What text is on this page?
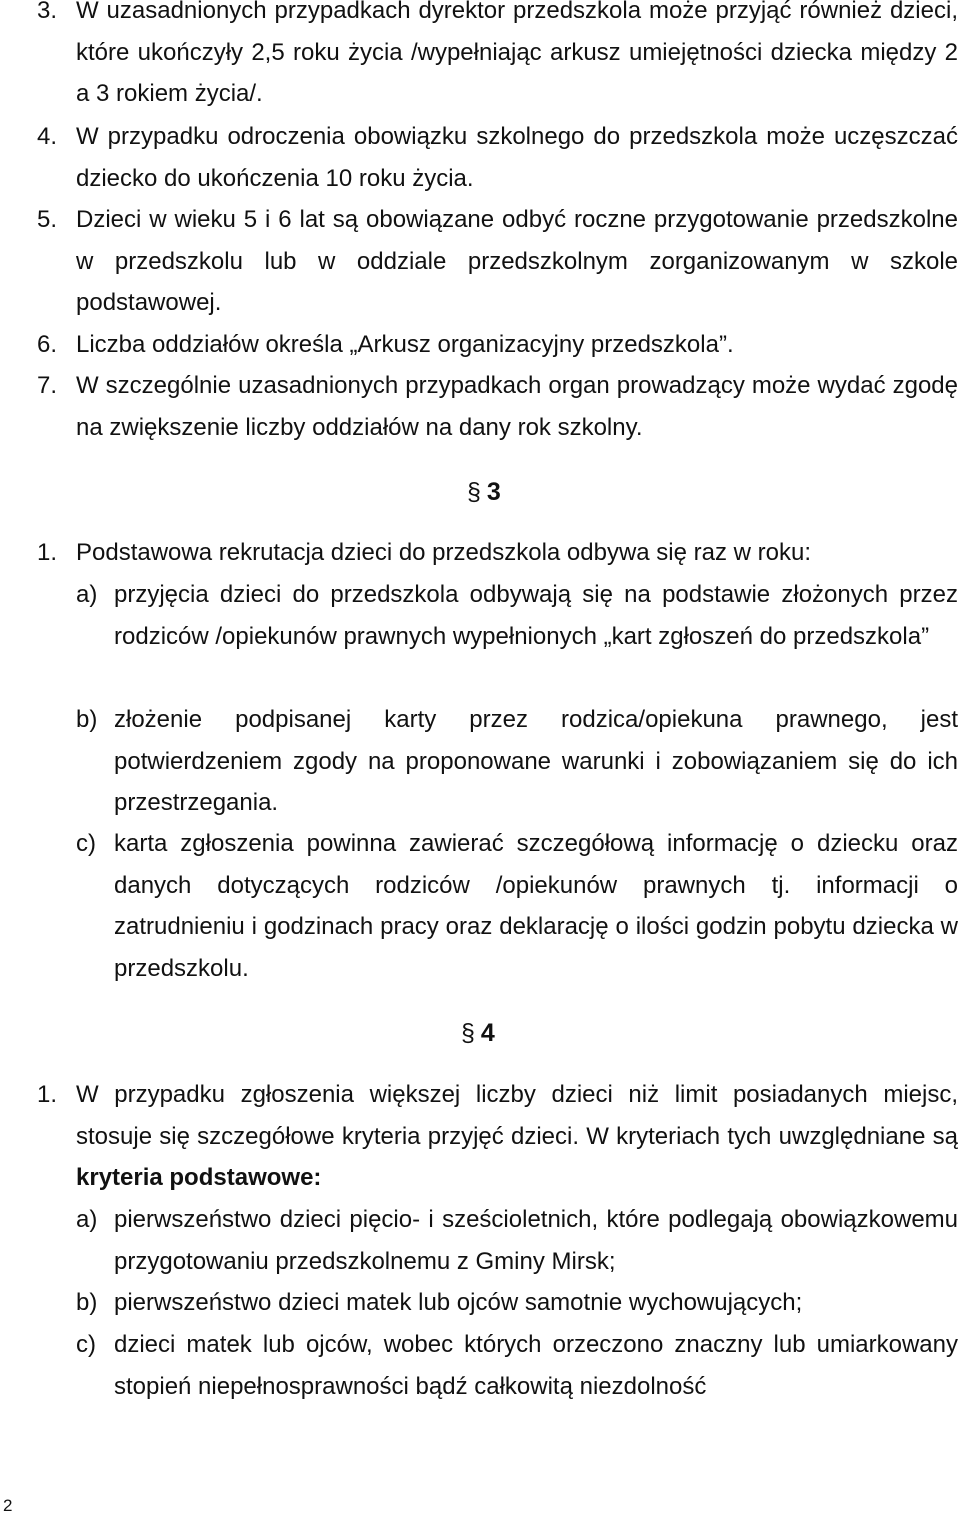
3. W uzasadnionych przypadkach dyrektor przedszkola może przyjąć również dzieci, które ukończyły 2,5 roku życia /wypełniając arkusz umiejętności dziecka między 2 a 3 rokiem życia/.
4. W przypadku odroczenia obowiązku szkolnego do przedszkola może uczęszczać dziecko do ukończenia 10 roku życia.
5. Dzieci w wieku 5 i 6 lat są obowiązane odbyć roczne przygotowanie przedszkolne w przedszkolu lub w oddziale przedszkolnym zorganizowanym w szkole podstawowej.
6. Liczba oddziałów określa „Arkusz organizacyjny przedszkola”.
7. W szczególnie uzasadnionych przypadkach organ prowadzący może wydać zgodę na zwiększenie liczby oddziałów na dany rok szkolny.
§ 3
1. Podstawowa rekrutacja dzieci do przedszkola odbywa się raz w roku:
a) przyjęcia dzieci do przedszkola odbywają się na podstawie złożonych przez rodziców /opiekunów prawnych wypełnionych „kart zgłoszeń do przedszkola”
b) złożenie podpisanej karty przez rodzica/opiekuna prawnego, jest potwierdzeniem zgody na proponowane warunki i zobowiązaniem się do ich przestrzegania.
c) karta zgłoszenia powinna zawierać szczegółową informację o dziecku oraz danych dotyczących rodziców /opiekunów prawnych tj. informacji o zatrudnieniu i godzinach pracy oraz deklarację o ilości godzin pobytu dziecka w przedszkolu.
§ 4
1. W przypadku zgłoszenia większej liczby dzieci niż limit posiadanych miejsc, stosuje się szczegółowe kryteria przyjęć dzieci. W kryteriach tych uwzględniane są kryteria podstawowe:
a) pierwszeństwo dzieci pięcio- i sześcioletnich, które podlegają obowiązkowemu przygotowaniu przedszkolnemu z Gminy Mirsk;
b) pierwszeństwo dzieci matek lub ojców samotnie wychowujących;
c) dzieci matek lub ojców, wobec których orzeczono znaczny lub umiarkowany stopień niepełnosprawności bądź całkowitą niezdolność
2
